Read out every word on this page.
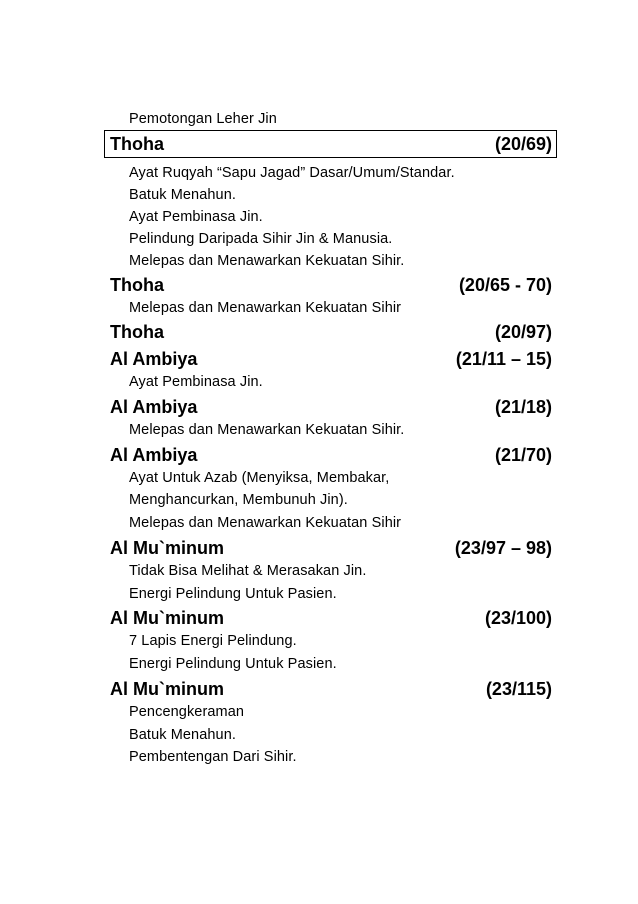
Pemotongan Leher Jin
Thoha	(20/69)
Ayat Ruqyah “Sapu Jagad” Dasar/Umum/Standar.
Batuk Menahun.
Ayat Pembinasa Jin.
Pelindung Daripada Sihir Jin & Manusia.
Melepas dan Menawarkan Kekuatan Sihir.
Thoha	(20/65 - 70)
Melepas dan Menawarkan Kekuatan Sihir
Thoha	(20/97)
Al Ambiya	(21/11 – 15)
Ayat Pembinasa Jin.
Al Ambiya	(21/18)
Melepas dan Menawarkan Kekuatan Sihir.
Al Ambiya	(21/70)
Ayat Untuk Azab (Menyiksa, Membakar,
Menghancurkan, Membunuh Jin).
Melepas dan Menawarkan Kekuatan Sihir
Al Mu`minum	(23/97 – 98)
Tidak Bisa Melihat & Merasakan Jin.
Energi Pelindung Untuk Pasien.
Al Mu`minum	(23/100)
7 Lapis Energi Pelindung.
Energi Pelindung Untuk Pasien.
Al Mu`minum	(23/115)
Pencengkeraman
Batuk Menahun.
Pembentengan Dari Sihir.
